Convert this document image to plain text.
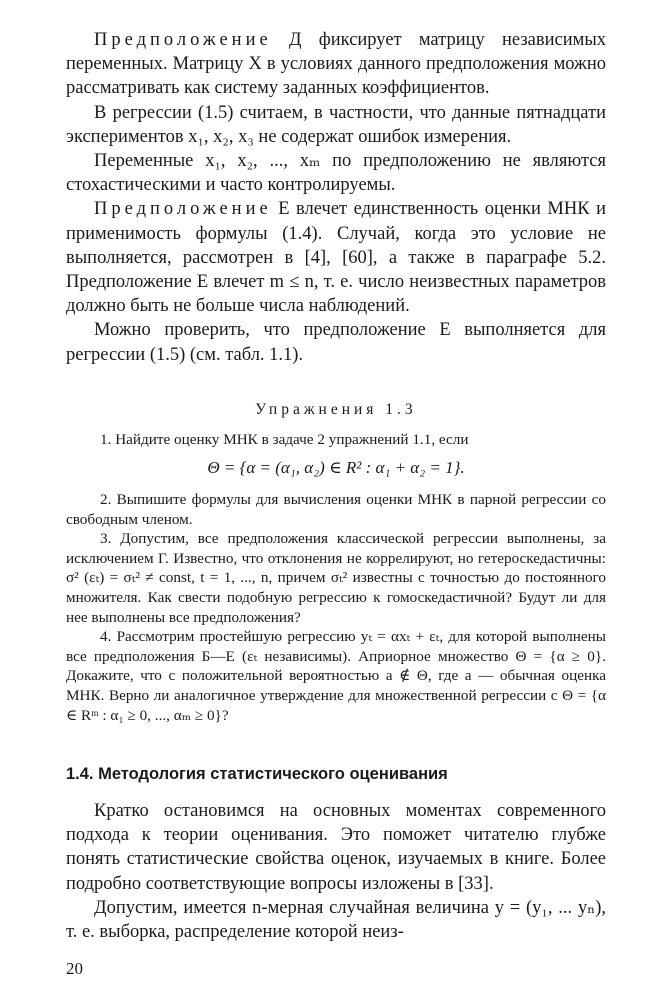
Предположение Д фиксирует матрицу независимых переменных. Матрицу X в условиях данного предположения можно рассматривать как систему заданных коэффициентов.

В регрессии (1.5) считаем, в частности, что данные пятнадцати экспериментов x₁, x₂, x₃ не содержат ошибок измерения.

Переменные x₁, x₂, ..., xₘ по предположению не являются стохастическими и часто контролируемы.

Предположение Е влечет единственность оценки МНК и применимость формулы (1.4). Случай, когда это условие не выполняется, рассмотрен в [4], [60], а также в параграфе 5.2. Предположение Е влечет m ≤ n, т. е. число неизвестных параметров должно быть не больше числа наблюдений.

Можно проверить, что предположение Е выполняется для регрессии (1.5) (см. табл. 1.1).

Упражнения 1.3

1. Найдите оценку МНК в задаче 2 упражнений 1.1, если

Θ = {α = (α₁, α₂) ∈ R² : α₁ + α₂ = 1}.

2. Выпишите формулы для вычисления оценки МНК в парной регрессии со свободным членом.

3. Допустим, все предположения классической регрессии выполнены, за исключением Г. Известно, что отклонения не коррелируют, но гетероскедастичны: σ² (εₜ) = σₜ² ≠ const, t = 1, ..., n, причем σₜ² известны с точностью до постоянного множителя. Как свести подобную регрессию к гомоскедастичной? Будут ли для нее выполнены все предположения?

4. Рассмотрим простейшую регрессию yₜ = αxₜ + εₜ, для которой выполнены все предположения Б—Е (εₜ независимы). Априорное множество Θ = {α ≥ 0}. Докажите, что с положительной вероятностью a ∉ Θ, где a — обычная оценка МНК. Верно ли аналогичное утверждение для множественной регрессии с Θ = {α ∈ Rᵐ : α₁ ≥ 0, ..., αₘ ≥ 0}?

1.4. Методология статистического оценивания

Кратко остановимся на основных моментах современного подхода к теории оценивания. Это поможет читателю глубже понять статистические свойства оценок, изучаемых в книге. Более подробно соответствующие вопросы изложены в [33].

Допустим, имеется n-мерная случайная величина y = (y₁, ... yₙ), т. е. выборка, распределение которой неиз-

20
